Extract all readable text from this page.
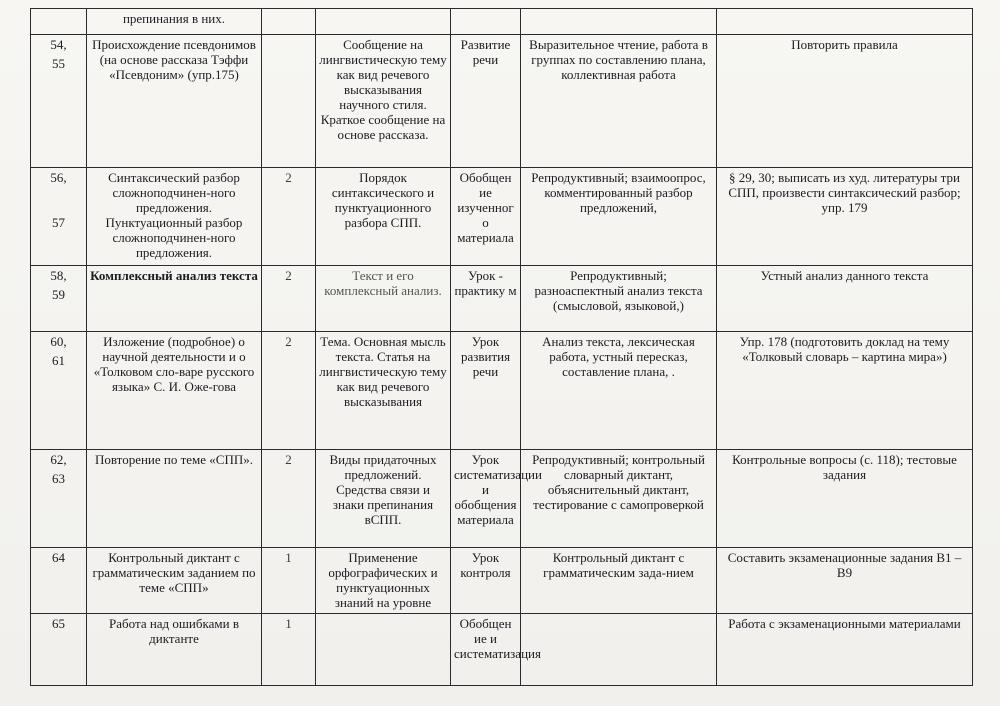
	препинания в них.					

54,
55	Происхождение псевдонимов (на основе рассказа Тэффи «Псевдоним» (упр.175)		Сообщение на лингвистическую тему как вид речевого высказывания научного стиля. Краткое сообщение на основе рассказа.	Развитие речи	Выразительное чтение, работа в группах по составлению плана, коллективная работа	Повторить правила

56,
57	Синтаксический разбор сложноподчинен-ного предложения. Пунктуационный разбор сложноподчинен-ного предложения.	2	Порядок синтаксического и пунктуационного разбора СПП.	Обобщен ие изученног о материала	Репродуктивный; взаимоопрос, комментированный разбор предложений,	§ 29, 30; выписать из худ. литературы три СПП, произвести синтаксический разбор; упр. 179

58,
59	Комплексный анализ текста	2	Текст и его комплексный анализ.	Урок - практику м	Репродуктивный; разноаспектный анализ текста (смысловой, языковой,)	Устный анализ данного текста

60,
61	Изложение (подробное) о научной деятельности и о «Толковом сло-варе русского языка» С. И. Оже-гова	2	Тема. Основная мысль текста. Статья на лингвистическую тему как вид речевого высказывания	Урок развития речи	Анализ текста, лексическая работа, устный пересказ, составление плана, .	Упр. 178 (подготовить доклад на тему «Толковый словарь – картина мира»)

62,
63	Повторение по теме «СПП».	2	Виды придаточных предложений. Средства связи и знаки препинания вСПП.	Урок систематизации и обобщения материала	Репродуктивный; контрольный словарный диктант, объяснительный диктант, тестирование с самопроверкой	Контрольные вопросы (с. 118); тестовые задания

64	Контрольный диктант с грамматическим заданием по теме «СПП»	1	Применение орфографических и пунктуационных знаний на уровне	Урок контроля	Контрольный диктант с грамматическим зада-нием	Составить экзаменационные задания В1 – В9

65	Работа над ошибками в диктанте	1		Обобщен ие и систематизация		Работа с экзаменационными материалами
